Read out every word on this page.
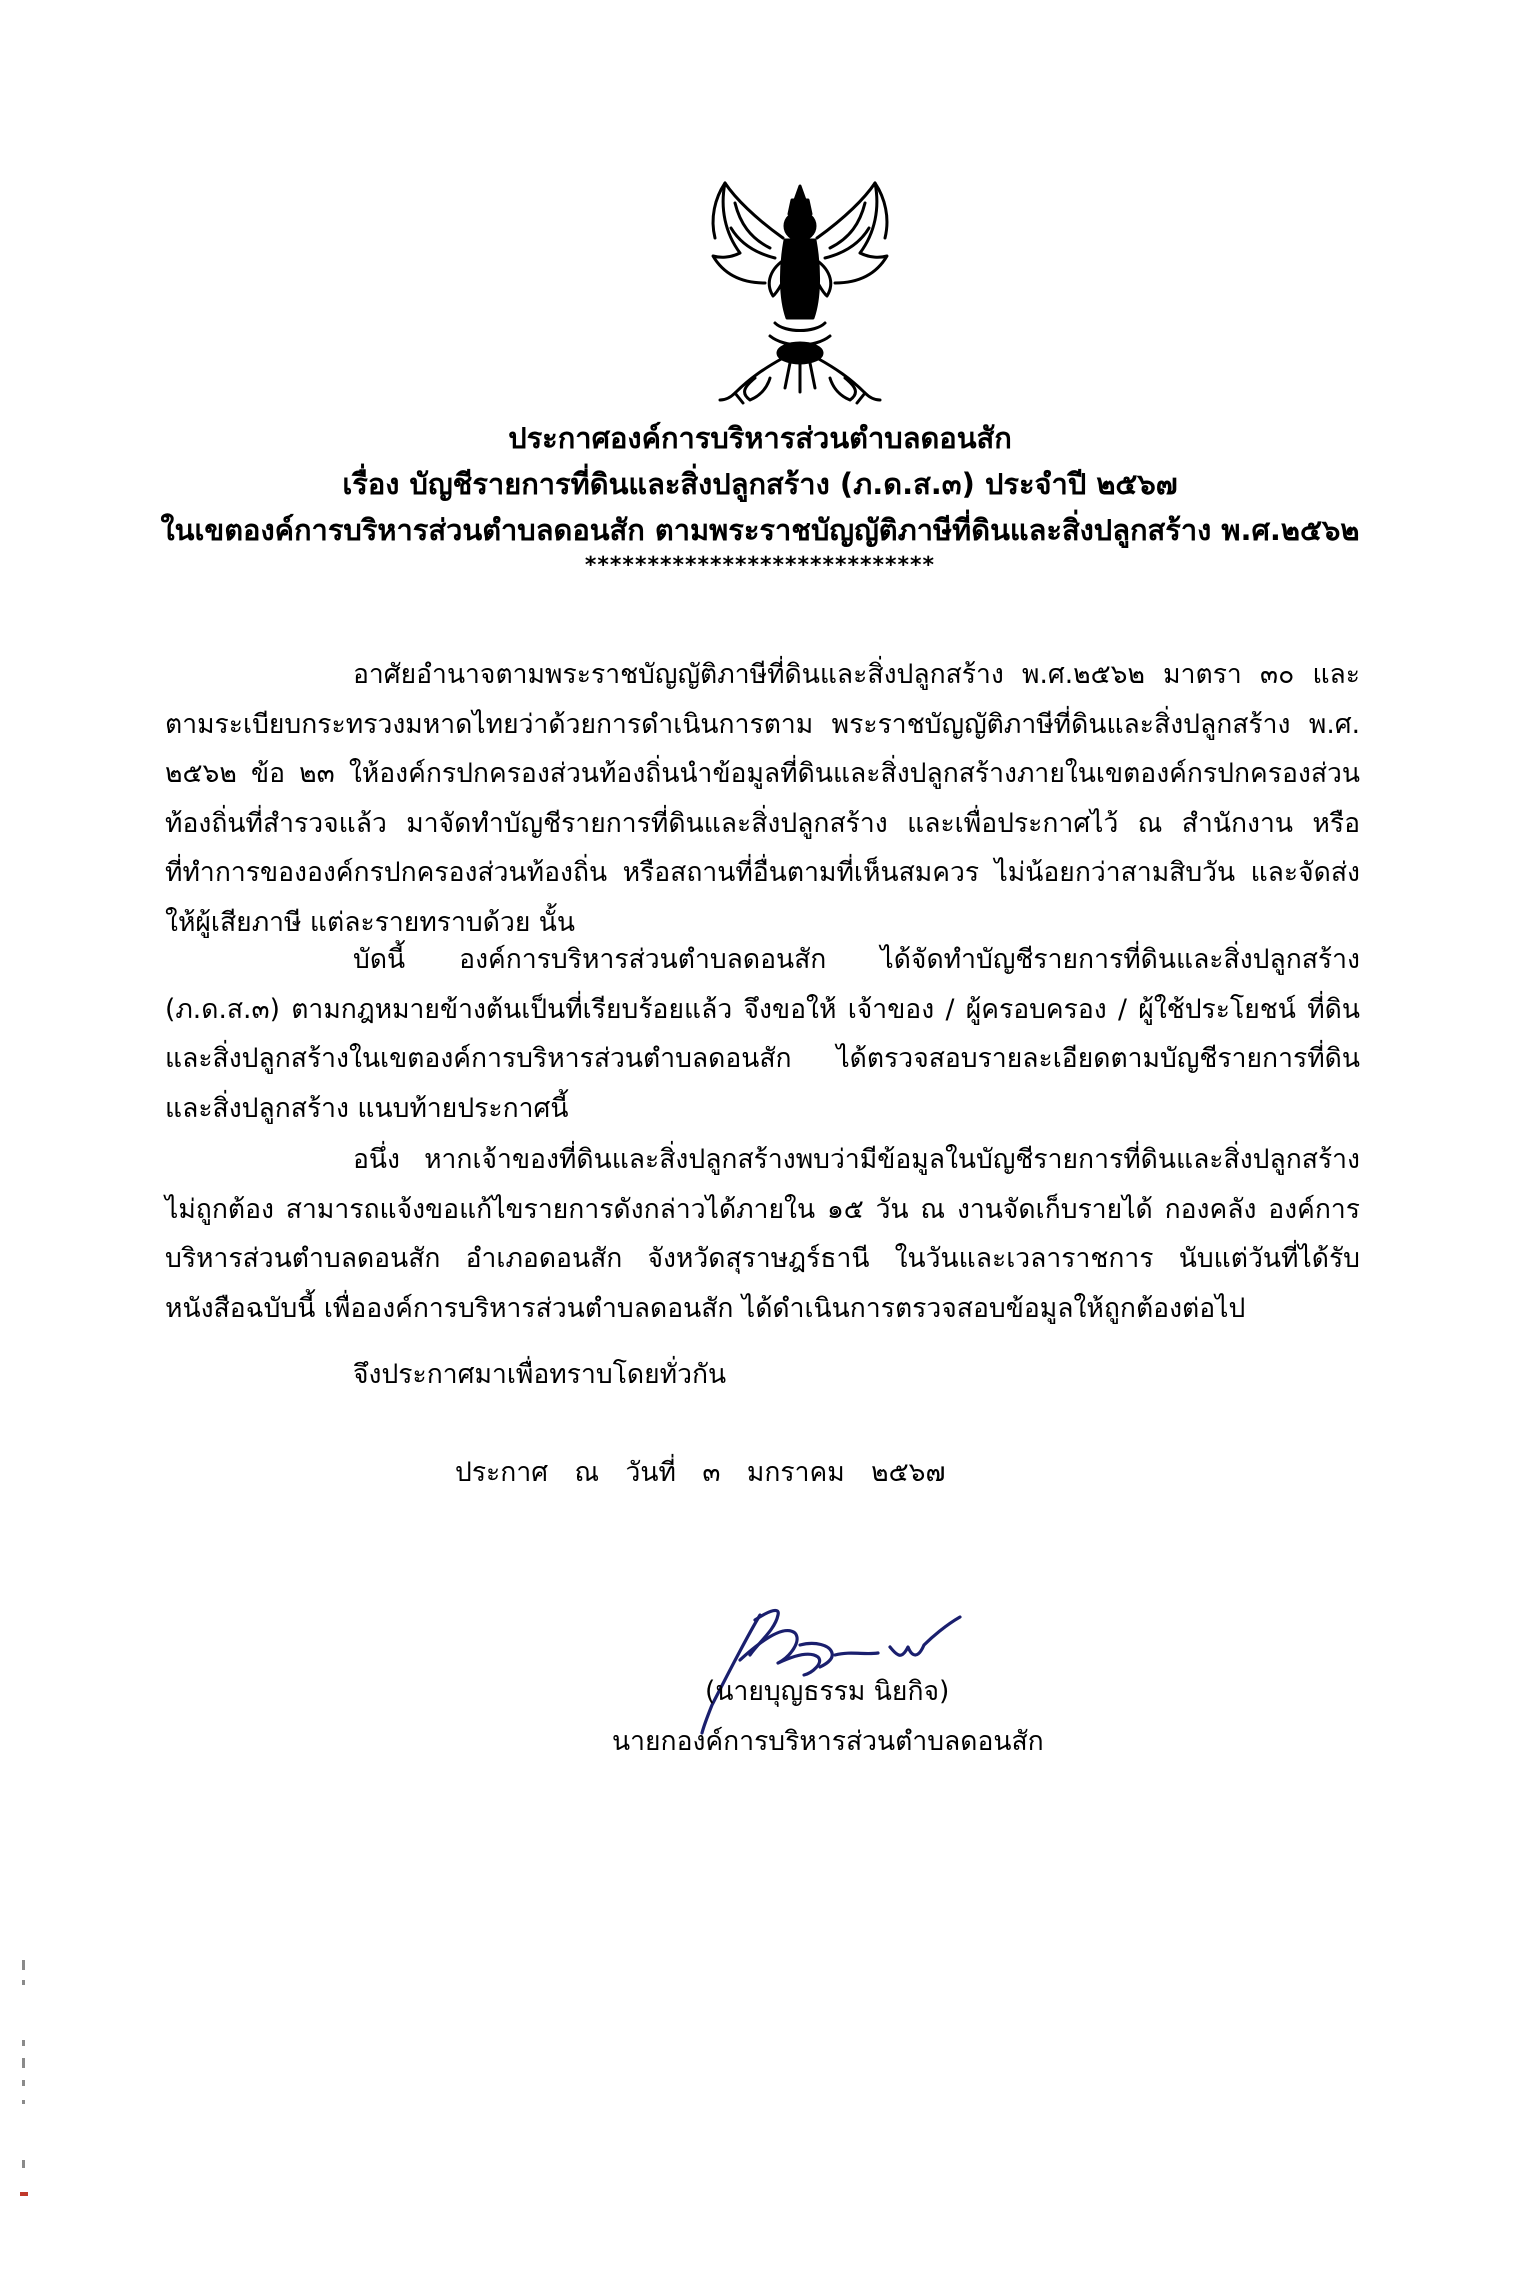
ประกาศองค์การบริหารส่วนตำบลดอนสัก
เรื่อง บัญชีรายการที่ดินและสิ่งปลูกสร้าง (ภ.ด.ส.๓) ประจำปี ๒๕๖๗
ในเขตองค์การบริหารส่วนตำบลดอนสัก ตามพระราชบัญญัติภาษีที่ดินและสิ่งปลูกสร้าง พ.ศ.๒๕๖๒
****************************

อาศัยอำนาจตามพระราชบัญญัติภาษีที่ดินและสิ่งปลูกสร้าง พ.ศ.๒๕๖๒ มาตรา ๓๐ และตามระเบียบกระทรวงมหาดไทยว่าด้วยการดำเนินการตาม พระราชบัญญัติภาษีที่ดินและสิ่งปลูกสร้าง พ.ศ. ๒๕๖๒ ข้อ ๒๓ ให้องค์กรปกครองส่วนท้องถิ่นนำข้อมูลที่ดินและสิ่งปลูกสร้างภายในเขตองค์กรปกครองส่วนท้องถิ่นที่สำรวจแล้ว มาจัดทำบัญชีรายการที่ดินและสิ่งปลูกสร้าง และเพื่อประกาศไว้ ณ สำนักงาน หรือที่ทำการขององค์กรปกครองส่วนท้องถิ่น หรือสถานที่อื่นตามที่เห็นสมควร ไม่น้อยกว่าสามสิบวัน และจัดส่งให้ผู้เสียภาษี แต่ละรายทราบด้วย นั้น

บัดนี้ องค์การบริหารส่วนตำบลดอนสัก ได้จัดทำบัญชีรายการที่ดินและสิ่งปลูกสร้าง (ภ.ด.ส.๓) ตามกฎหมายข้างต้นเป็นที่เรียบร้อยแล้ว จึงขอให้ เจ้าของ / ผู้ครอบครอง / ผู้ใช้ประโยชน์ ที่ดินและสิ่งปลูกสร้างในเขตองค์การบริหารส่วนตำบลดอนสัก ได้ตรวจสอบรายละเอียดตามบัญชีรายการที่ดินและสิ่งปลูกสร้าง แนบท้ายประกาศนี้

อนึ่ง หากเจ้าของที่ดินและสิ่งปลูกสร้างพบว่ามีข้อมูลในบัญชีรายการที่ดินและสิ่งปลูกสร้าง ไม่ถูกต้อง สามารถแจ้งขอแก้ไขรายการดังกล่าวได้ภายใน ๑๕ วัน ณ งานจัดเก็บรายได้ กองคลัง องค์การบริหารส่วนตำบลดอนสัก อำเภอดอนสัก จังหวัดสุราษฎร์ธานี ในวันและเวลาราชการ นับแต่วันที่ได้รับหนังสือฉบับนี้ เพื่อองค์การบริหารส่วนตำบลดอนสัก ได้ดำเนินการตรวจสอบข้อมูลให้ถูกต้องต่อไป

จึงประกาศมาเพื่อทราบโดยทั่วกัน
ประกาศ ณ วันที่ ๓ มกราคม ๒๕๖๗
(นายบุญธรรม นิยกิจ)
นายกองค์การบริหารส่วนตำบลดอนสัก
